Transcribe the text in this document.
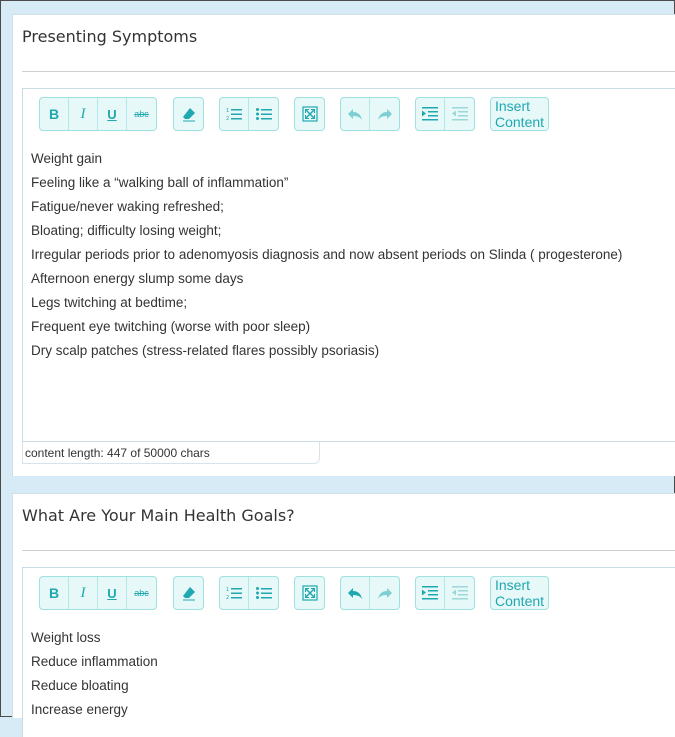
Presenting Symptoms
B	I	U	abc	1
2
Insert Content
Weight gain
Feeling like a “walking ball of inflammation”
Fatigue/never waking refreshed;
Bloating; difficulty losing weight;
Irregular periods prior to adenomyosis diagnosis and now absent periods on Slinda ( progesterone)
Afternoon energy slump some days
Legs twitching at bedtime;
Frequent eye twitching (worse with poor sleep)
Dry scalp patches (stress-related flares possibly psoriasis)
content length: 447 of 50000 chars
What Are Your Main Health Goals?
B	I	U	abc	1
2
Insert Content
Weight loss
Reduce inflammation
Reduce bloating
Increase energy
